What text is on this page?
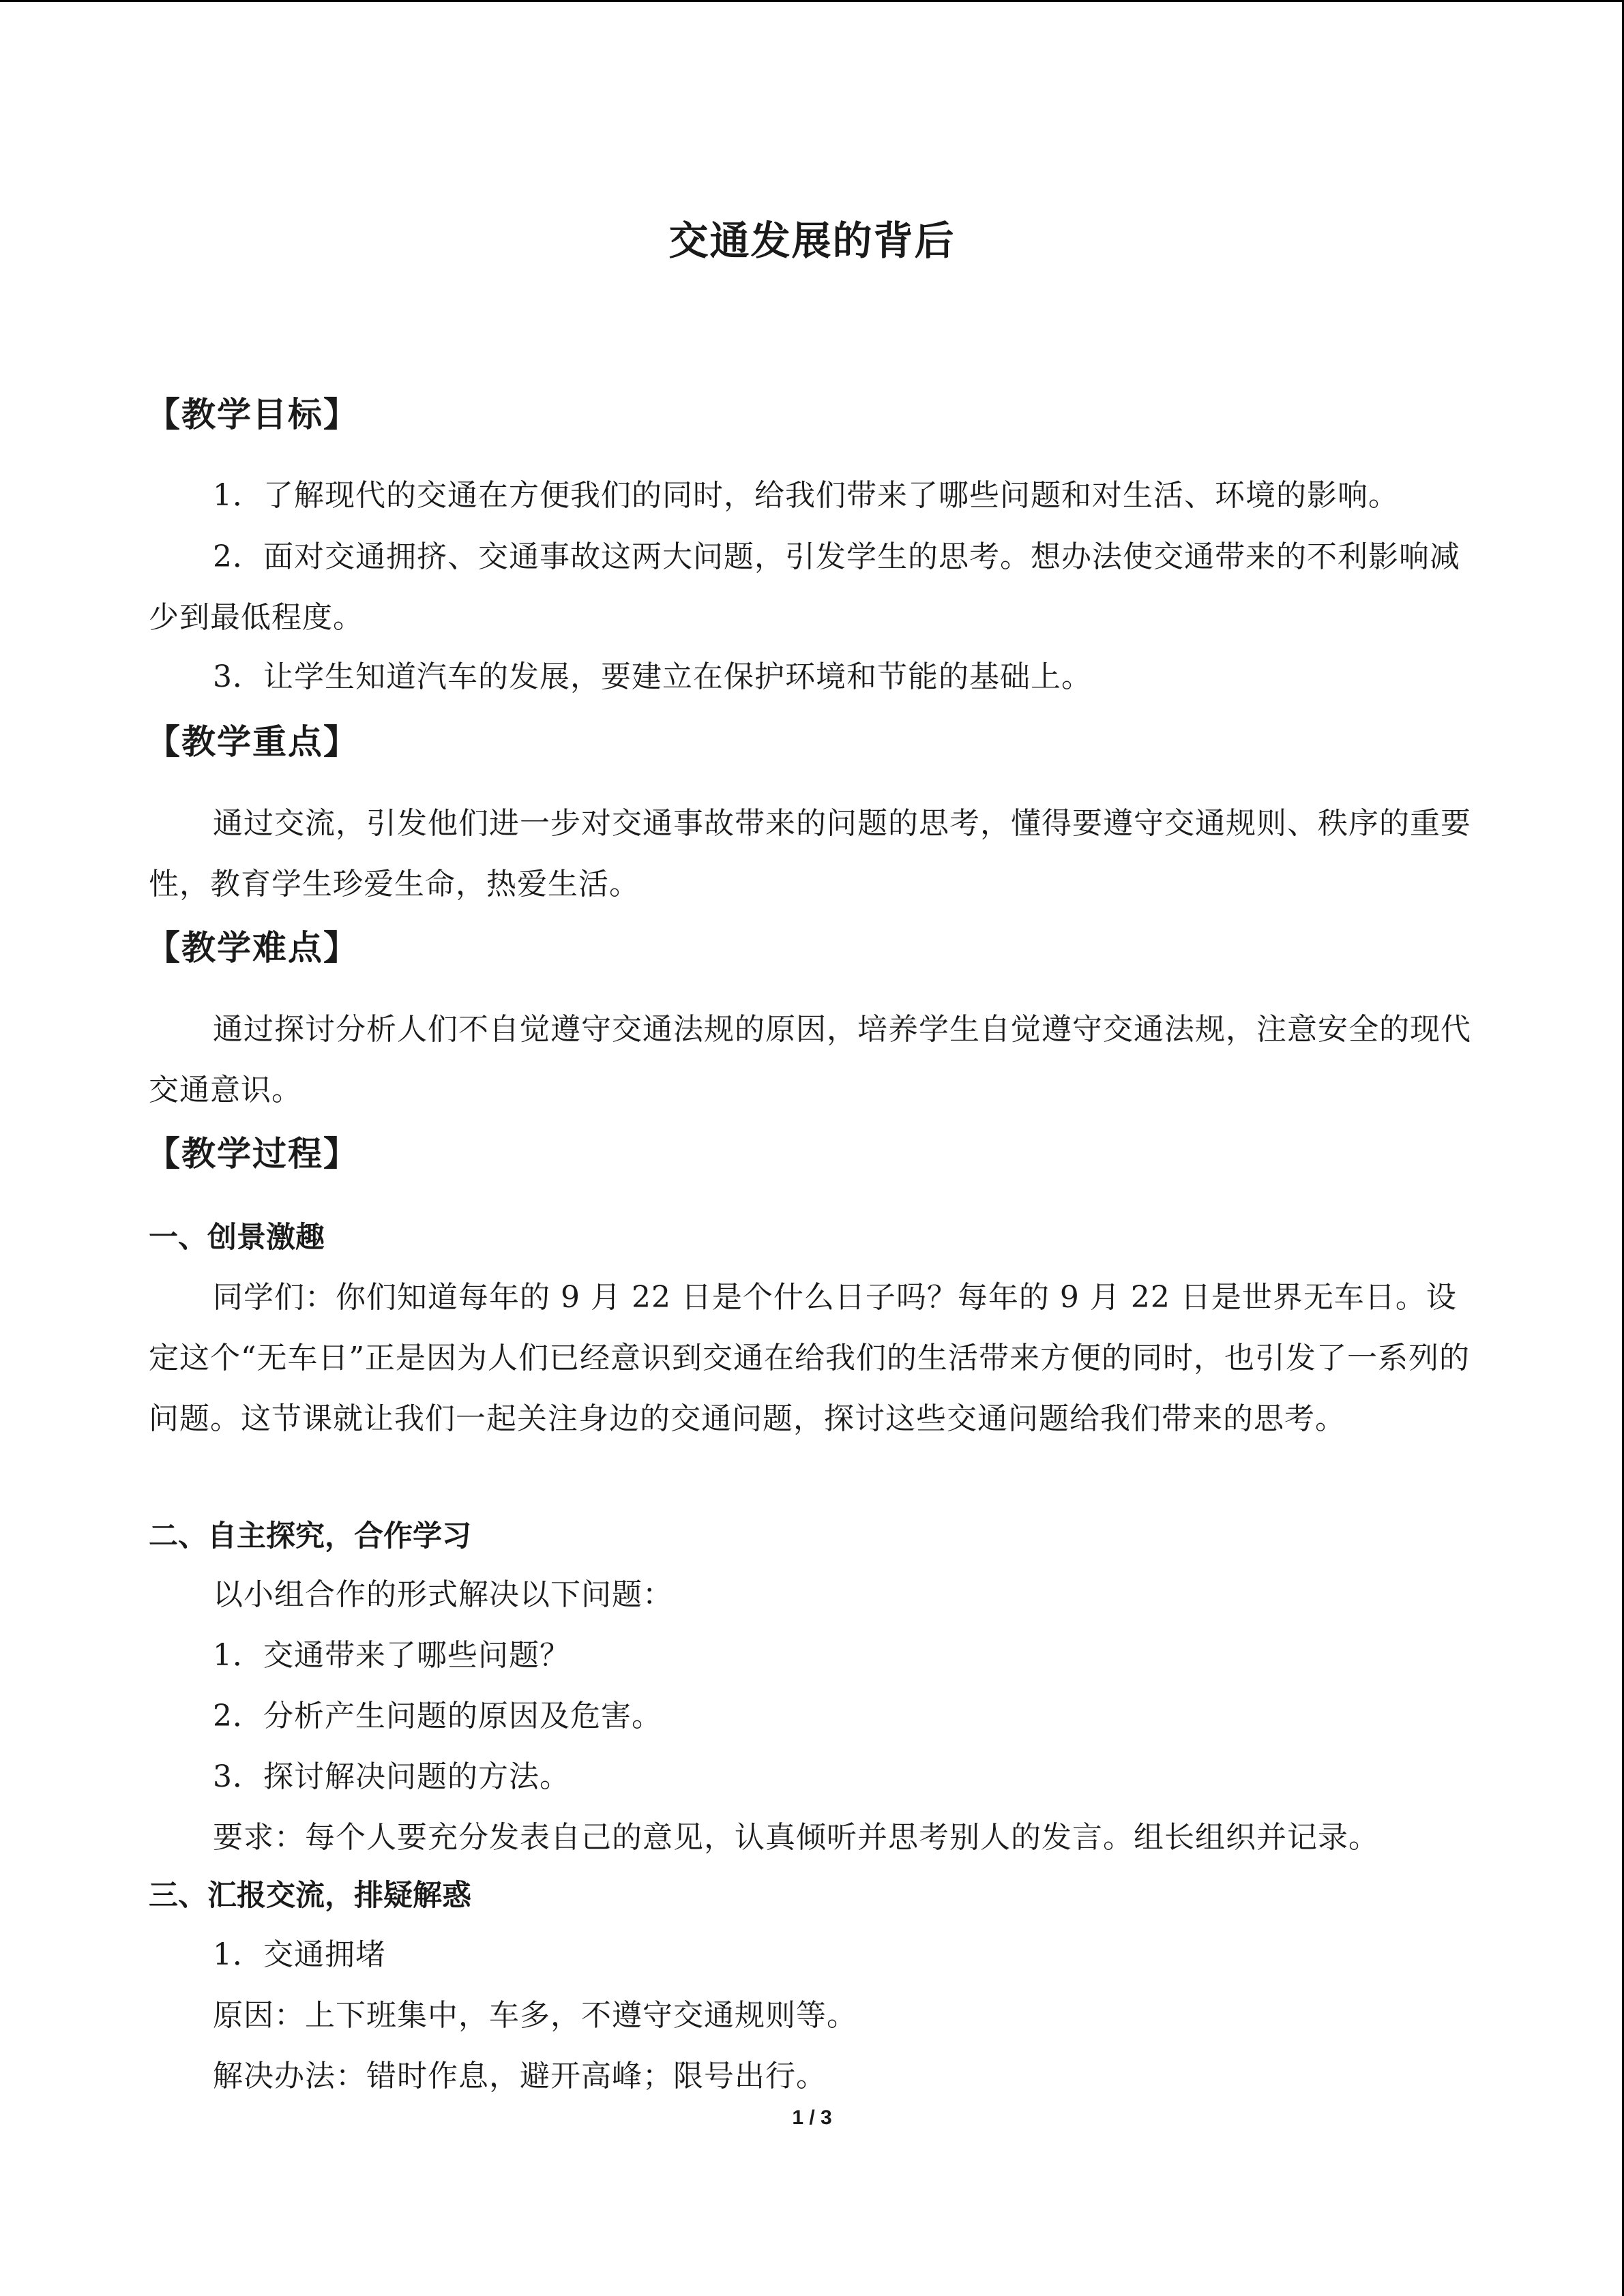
交通发展的背后
【教学目标】
1．了解现代的交通在方便我们的同时，给我们带来了哪些问题和对生活、环境的影响。
2．面对交通拥挤、交通事故这两大问题，引发学生的思考。想办法使交通带来的不利影响减少到最低程度。
3．让学生知道汽车的发展，要建立在保护环境和节能的基础上。
【教学重点】
通过交流，引发他们进一步对交通事故带来的问题的思考，懂得要遵守交通规则、秩序的重要性，教育学生珍爱生命，热爱生活。
【教学难点】
通过探讨分析人们不自觉遵守交通法规的原因，培养学生自觉遵守交通法规，注意安全的现代交通意识。
【教学过程】
一、创景激趣
同学们：你们知道每年的 9 月 22 日是个什么日子吗？每年的 9 月 22 日是世界无车日。设定这个“无车日”正是因为人们已经意识到交通在给我们的生活带来方便的同时，也引发了一系列的问题。这节课就让我们一起关注身边的交通问题，探讨这些交通问题给我们带来的思考。
二、自主探究，合作学习
以小组合作的形式解决以下问题：
1．交通带来了哪些问题？
2．分析产生问题的原因及危害。
3．探讨解决问题的方法。
要求：每个人要充分发表自己的意见，认真倾听并思考别人的发言。组长组织并记录。
三、汇报交流，排疑解惑
1．交通拥堵
原因：上下班集中，车多，不遵守交通规则等。
解决办法：错时作息，避开高峰；限号出行。
1 / 3
